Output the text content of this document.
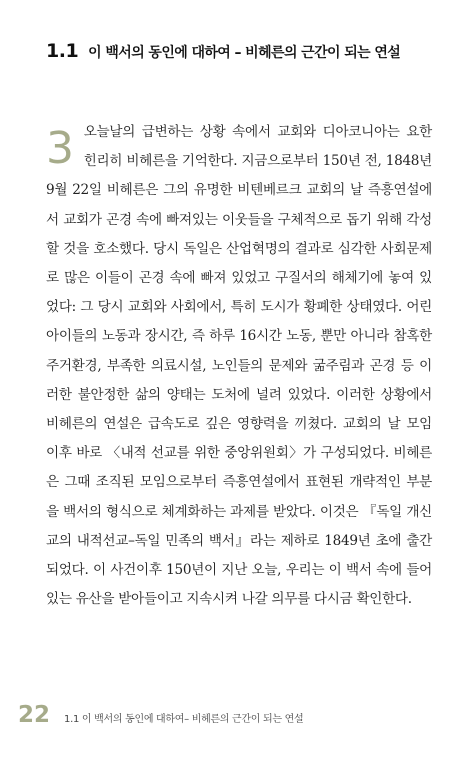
1.1 이 백서의 동인에 대하여 – 비헤른의 근간이 되는 연설
3 오늘날의 급변하는 상황 속에서 교회와 디아코니아는 요한 힌리히 비헤른을 기억한다. 지금으로부터 150년 전, 1848년 9월 22일 비헤른은 그의 유명한 비텐베르크 교회의 날 즉흥연설에서 교회가 곤경 속에 빠져있는 이웃들을 구체적으로 돕기 위해 각성할 것을 호소했다. 당시 독일은 산업혁명의 결과로 심각한 사회문제로 많은 이들이 곤경 속에 빠져 있었고 구질서의 해체기에 놓여 있었다: 그 당시 교회와 사회에서, 특히 도시가 황폐한 상태였다. 어린아이들의 노동과 장시간, 즉 하루 16시간 노동, 뿐만 아니라 참혹한 주거환경, 부족한 의료시설, 노인들의 문제와 굶주림과 곤경 등 이러한 불안정한 삶의 양태는 도처에 널려 있었다. 이러한 상황에서 비헤른의 연설은 급속도로 깊은 영향력을 끼쳤다. 교회의 날 모임 이후 바로 〈내적 선교를 위한 중앙위원회〉가 구성되었다. 비헤른은 그때 조직된 모임으로부터 즉흥연설에서 표현된 개략적인 부분을 백서의 형식으로 체계화하는 과제를 받았다. 이것은 『독일 개신교의 내적선교–독일 민족의 백서』라는 제하로 1849년 초에 출간되었다. 이 사건이후 150년이 지난 오늘, 우리는 이 백서 속에 들어있는 유산을 받아들이고 지속시켜 나갈 의무를 다시금 확인한다.
22 1.1 이 백서의 동인에 대하여– 비헤른의 근간이 되는 연설
